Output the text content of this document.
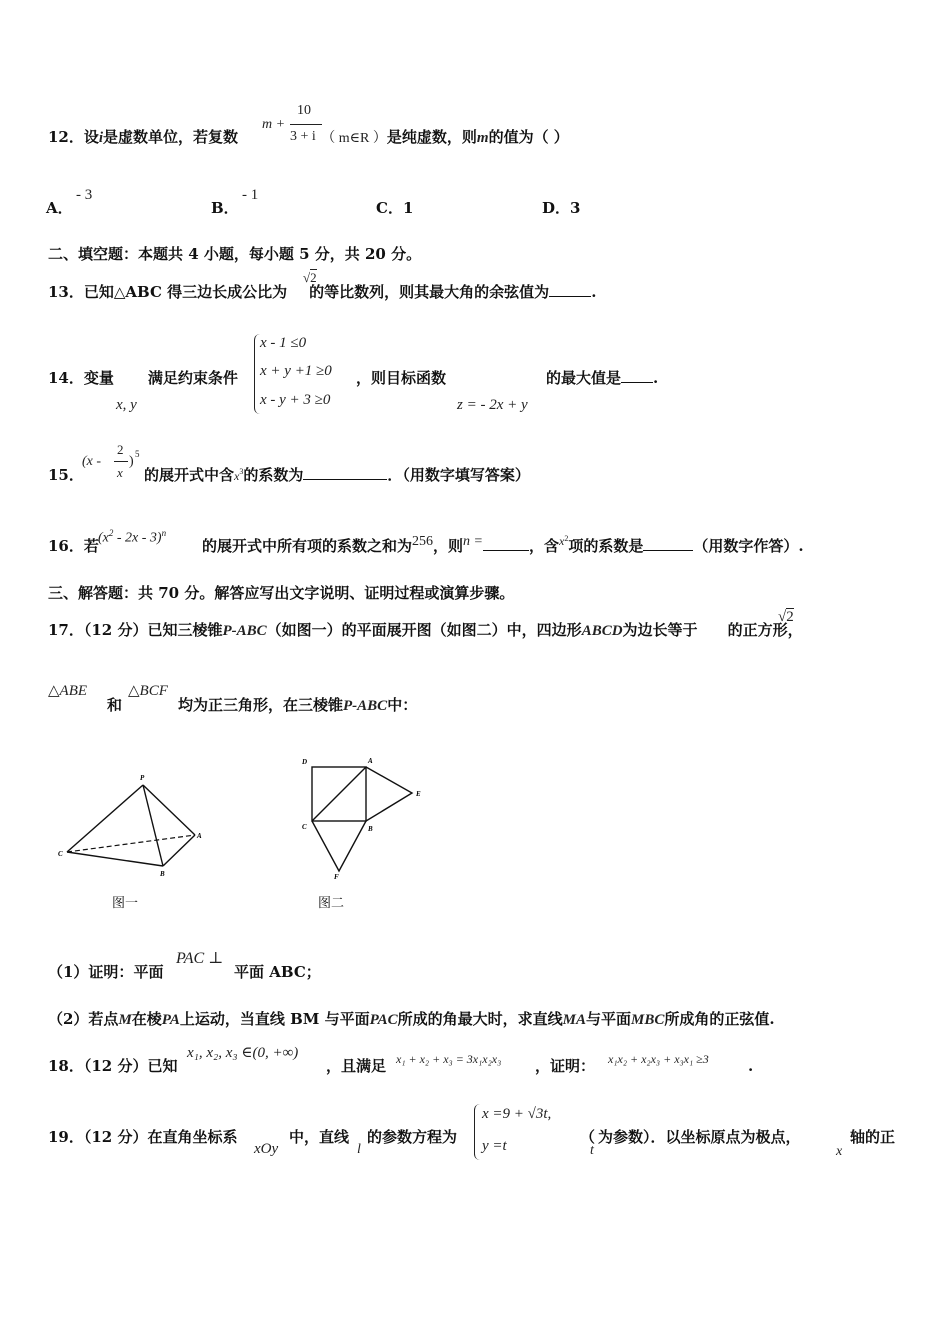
12．设i是虚数单位，若复数	（ m∈R ）是纯虚数，则m的值为（ ）
m +
10
3 + i
A．
- 3
B．
- 1
C．1	D．3
二、填空题：本题共 4 小题，每小题 5 分，共 20 分。
13．已知△ABC 得三边长成公比为 的等比数列，则其最大角的余弦值为	.
√2
14．变量 满足约束条件
x, y
x - 1 ≤0
x + y +1 ≥0
x - y + 3 ≥0
，则目标函数
z = - 2x + y
的最大值是 .
15．
(x -
2
x
) 5
的展开式中含$x^3$的系数为	．（用数字填写答案）
16．若 $(x^2 - 2x - 3)^n$
的展开式中所有项的系数之和为256，则n =	，含$^{x2}$项的系数是	（用数字作答）.
三、解答题：共 70 分。解答应写出文字说明、证明过程或演算步骤。
17．（12 分）已知三棱锥P-ABC（如图一）的平面展开图（如图二）中，四边形ABCD为边长等于 的正方形，
√2
△ABE
和
△BCF
均为正三角形，在三棱锥P-ABC中：
P
C
B
A
图一
D	A
E
C	B
F
图二
（1）证明：平面
PAC ⊥
平面 ABC；
（2）若点M在棱PA上运动，当直线 BM 与平面PAC所成的角最大时，求直线MA与平面MBC所成角的正弦值.
18．（12 分）已知
x₁, x₂, x₃ ∈(0, +∞)
，且满足 x₁ + x₂ + x₃ = 3x₁x₂x₃ ，证明： x₁x₂ + x₂x₃ + x₃x₁ ≥3	.
19．（12 分）在直角坐标系
xOy
中，直线
l
的参数方程为
x =9 + √3t,
y =t	（
t
为参数）．以坐标原点为极点，
x
轴的正
